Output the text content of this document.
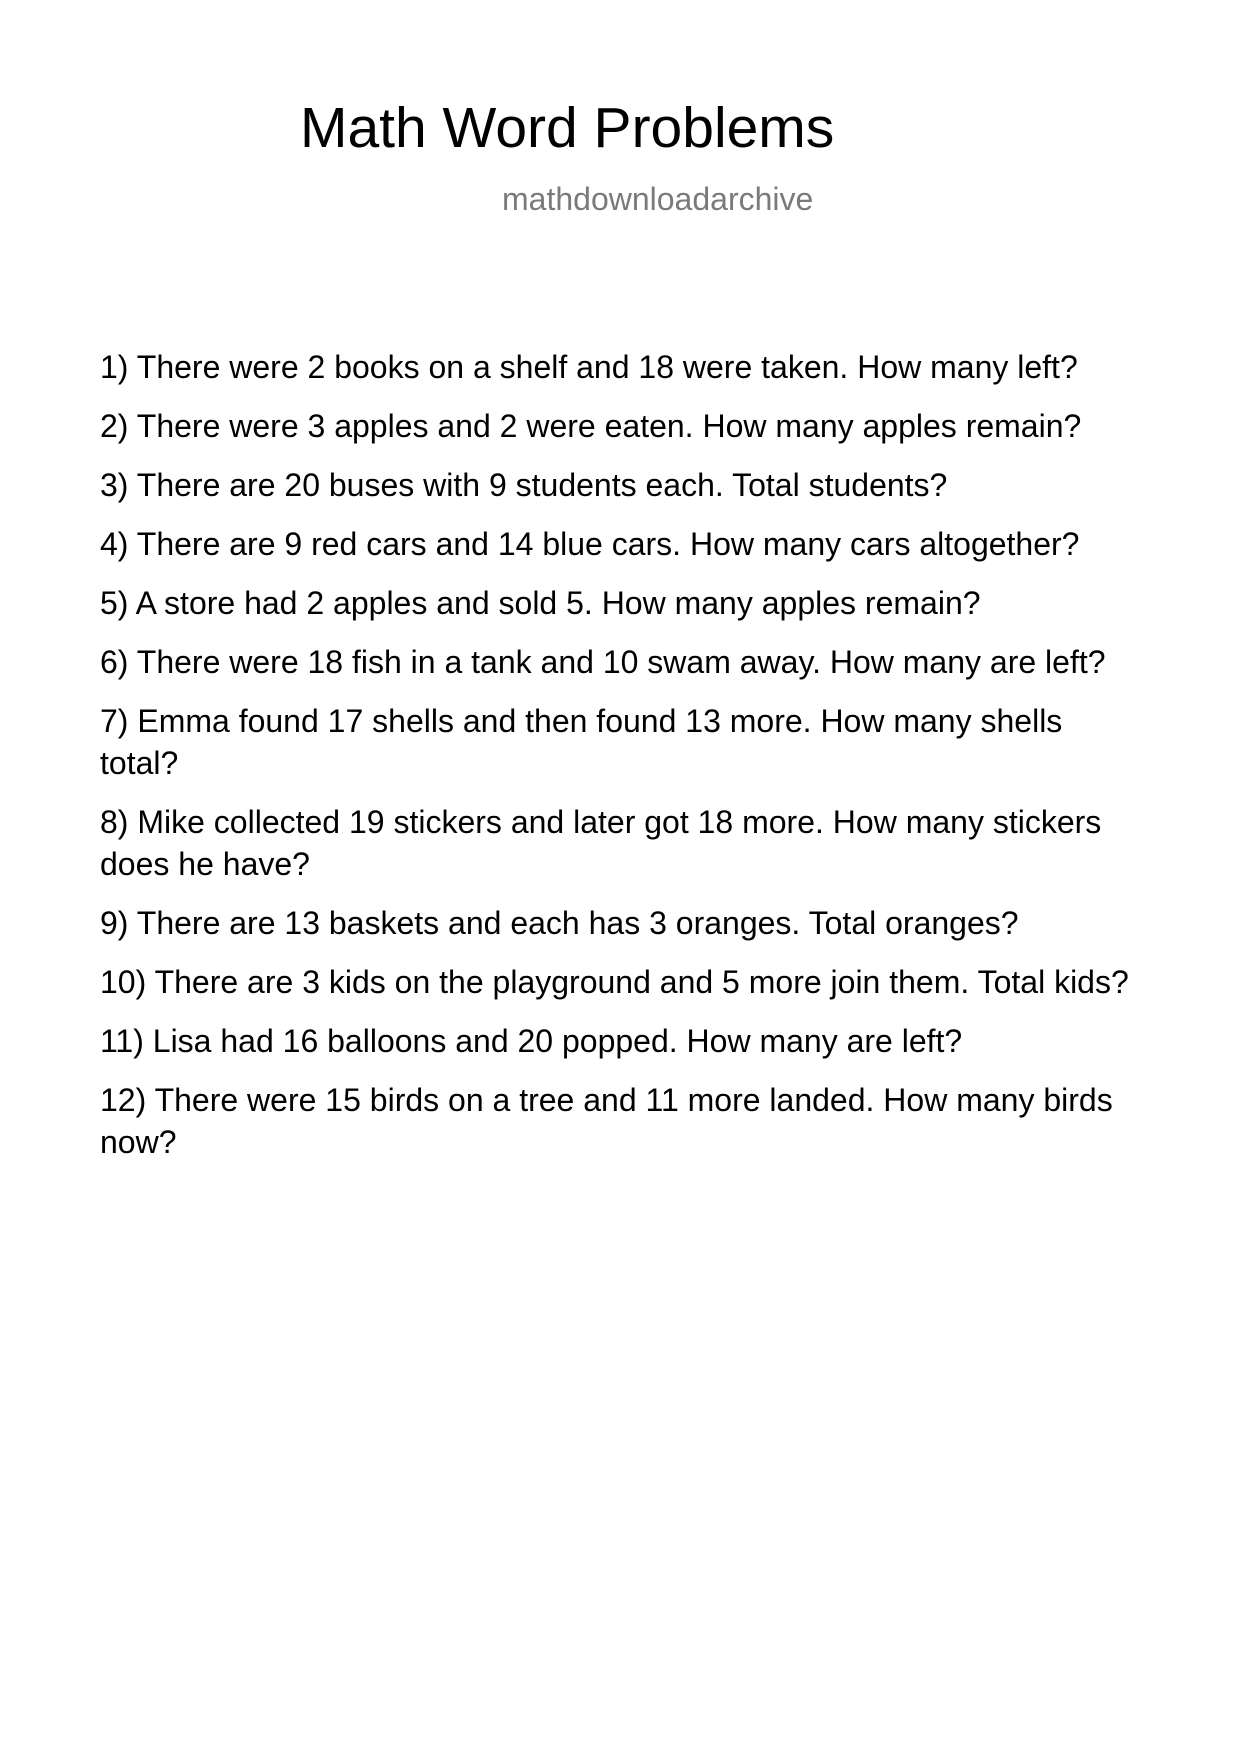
Math Word Problems
mathdownloadarchive
1) There were 2 books on a shelf and 18 were taken. How many left?
2) There were 3 apples and 2 were eaten. How many apples remain?
3) There are 20 buses with 9 students each. Total students?
4) There are 9 red cars and 14 blue cars. How many cars altogether?
5) A store had 2 apples and sold 5. How many apples remain?
6) There were 18 fish in a tank and 10 swam away. How many are left?
7) Emma found 17 shells and then found 13 more. How many shells total?
8) Mike collected 19 stickers and later got 18 more. How many stickers does he have?
9) There are 13 baskets and each has 3 oranges. Total oranges?
10) There are 3 kids on the playground and 5 more join them. Total kids?
11) Lisa had 16 balloons and 20 popped. How many are left?
12) There were 15 birds on a tree and 11 more landed. How many birds now?
